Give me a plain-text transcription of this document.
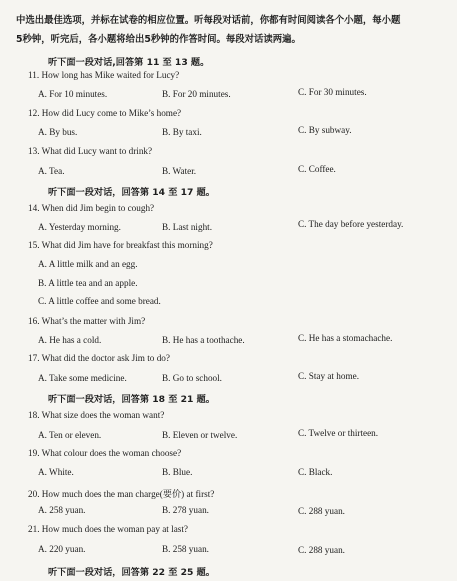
中选出最佳选项，并标在试卷的相应位置。听每段对话前，你都有时间阅读各个小题，每小题
5秒钟，听完后，各小题将给出5秒钟的作答时间。每段对话读两遍。
听下面一段对话,回答第 11 至 13 题。
11. How long has Mike waited for Lucy?
A. For 10 minutes.	B. For 20 minutes.	C. For 30 minutes.
12. How did Lucy come to Mike’s home?
A. By bus.	B. By taxi.	C. By subway.
13. What did Lucy want to drink?
A. Tea.	B. Water.	C. Coffee.
听下面一段对话，回答第 14 至 17 题。
14. When did Jim begin to cough?
A. Yesterday morning.	B. Last night.	C. The day before yesterday.
15. What did Jim have for breakfast this morning?
A. A little milk and an egg.
B. A little tea and an apple.
C. A little coffee and some bread.
16. What’s the matter with Jim?
A. He has a cold.	B. He has a toothache.	C. He has a stomachache.
17. What did the doctor ask Jim to do?
A. Take some medicine.	B. Go to school.	C. Stay at home.
听下面一段对话，回答第 18 至 21 题。
18. What size does the woman want?
A. Ten or eleven.	B. Eleven or twelve.	C. Twelve or thirteen.
19. What colour does the woman choose?
A. White.	B. Blue.	C. Black.
20. How much does the man charge(要价) at first?
A. 258 yuan.	B. 278 yuan.	C. 288 yuan.
21. How much does the woman pay at last?
A. 220 yuan.	B. 258 yuan.	C. 288 yuan.
听下面一段对话，回答第 22 至 25 题。
